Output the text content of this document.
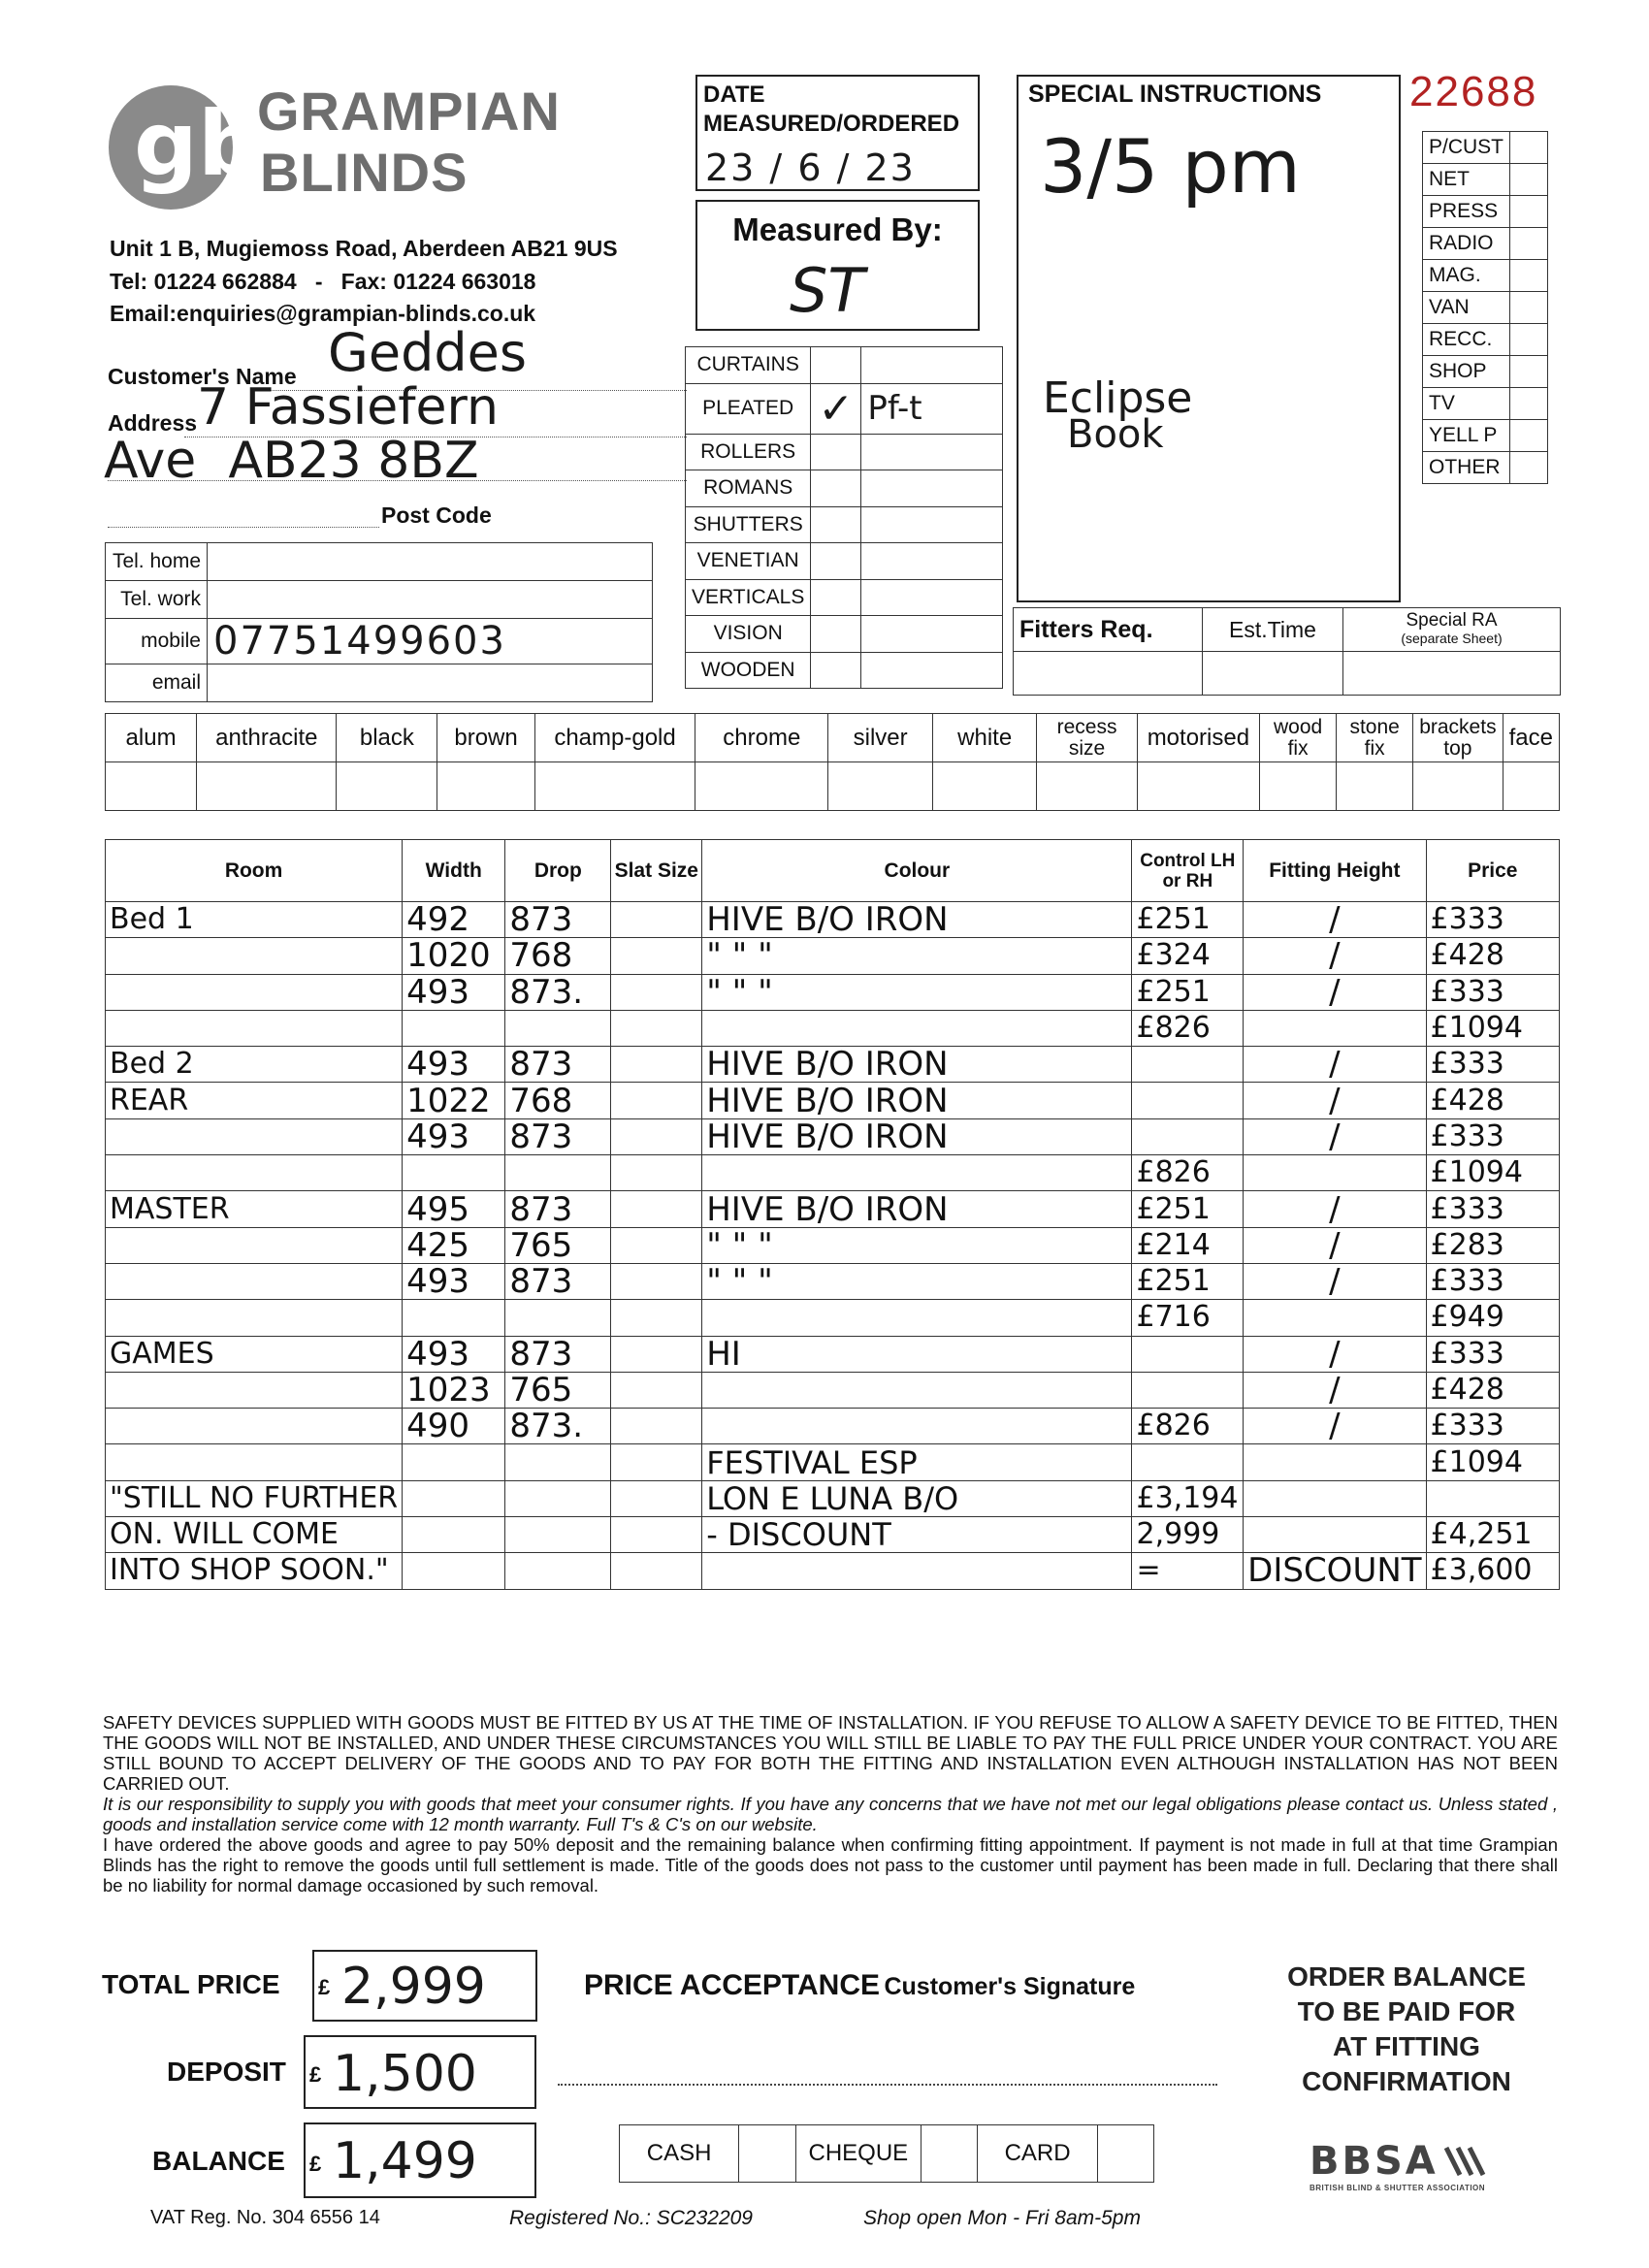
gb
GRAMPIAN
BLINDS
Unit 1 B, Mugiemoss Road, Aberdeen AB21 9US
Tel: 01224 662884   -   Fax: 01224 663018
Email:enquiries@grampian-blinds.co.uk
DATE MEASURED/ORDERED
23 / 6 / 23
Measured By:
ST
SPECIAL INSTRUCTIONS
3/5 pm
22688
P/CUST	
NET	
PRESS	
RADIO	
MAG.	
VAN	
RECC.	
SHOP	
TV	
YELL P	
OTHER	
Customer's Name Geddes
Address 7 Fassiefern
Ave  AB23 8BZ
Post Code
Tel. home	
Tel. work	
mobile	07751499603
email	
CURTAINS		
PLEATED	✓	Pf-t
ROLLERS		
ROMANS		
SHUTTERS		
VENETIAN		
VERTICALS		
VISION		
WOODEN		
Eclipse
Book
Fitters Req.	Est.Time	Special RA
(separate Sheet)

alum	anthracite	black	brown	champ-gold	chrome	silver	white	recess size	motorised	wood fix	stone fix	brackets top	face

Room	Width	Drop	Slat Size	Colour	Control LH or RH	Fitting Height	Price
Bed 1	492	873		HIVE B/O IRON	£251	/	£333
	1020	768		" " "	£324	/	£428
	493	873.		" " "	£251	/	£333
					£826		£1094
Bed 2	493	873		HIVE B/O IRON		/	£333
REAR	1022	768		HIVE B/O IRON		/	£428
	493	873		HIVE B/O IRON		/	£333
					£826		£1094
MASTER	495	873		HIVE B/O IRON	£251	/	£333
	425	765		" " "	£214	/	£283
	493	873		" " "	£251	/	£333
					£716		£949
GAMES	493	873		HI		/	£333
	1023	765				/	£428
	490	873.			£826	/	£333
				FESTIVAL ESP			£1094
"STILL NO FURTHER				LON E LUNA B/O	£3,194		
ON. WILL COME				- DISCOUNT	2,999		£4,251
INTO SHOP SOON."					=	DISCOUNT	£3,600
SAFETY DEVICES SUPPLIED WITH GOODS MUST BE FITTED BY US AT THE TIME OF INSTALLATION. IF YOU REFUSE TO ALLOW A SAFETY DEVICE TO BE FITTED, THEN THE GOODS WILL NOT BE INSTALLED, AND UNDER THESE CIRCUMSTANCES YOU WILL STILL BE LIABLE TO PAY THE FULL PRICE UNDER YOUR CONTRACT. YOU ARE STILL BOUND TO ACCEPT DELIVERY OF THE GOODS AND TO PAY FOR BOTH THE FITTING AND INSTALLATION EVEN ALTHOUGH INSTALLATION HAS NOT BEEN CARRIED OUT.
It is our responsibility to supply you with goods that meet your consumer rights. If you have any concerns that we have not met our legal obligations please contact us. Unless stated , goods and installation service come with 12 month warranty. Full T's & C's on our website.
I have ordered the above goods and agree to pay 50% deposit and the remaining balance when confirming fitting appointment. If payment is not made in full at that time Grampian Blinds has the right to remove the goods until full settlement is made. Title of the goods does not pass to the customer until payment has been made in full. Declaring that there shall be no liability for normal damage occasioned by such removal.
TOTAL PRICE £ 2,999
DEPOSIT £ 1,500
BALANCE £ 1,499
PRICE ACCEPTANCE Customer's Signature
CASH		CHEQUE		CARD	
ORDER BALANCE
TO BE PAID FOR
AT FITTING
CONFIRMATION
BBSA
BRITISH BLIND & SHUTTER ASSOCIATION
VAT Reg. No. 304 6556 14	Registered No.: SC232209	Shop open Mon - Fri 8am-5pm
